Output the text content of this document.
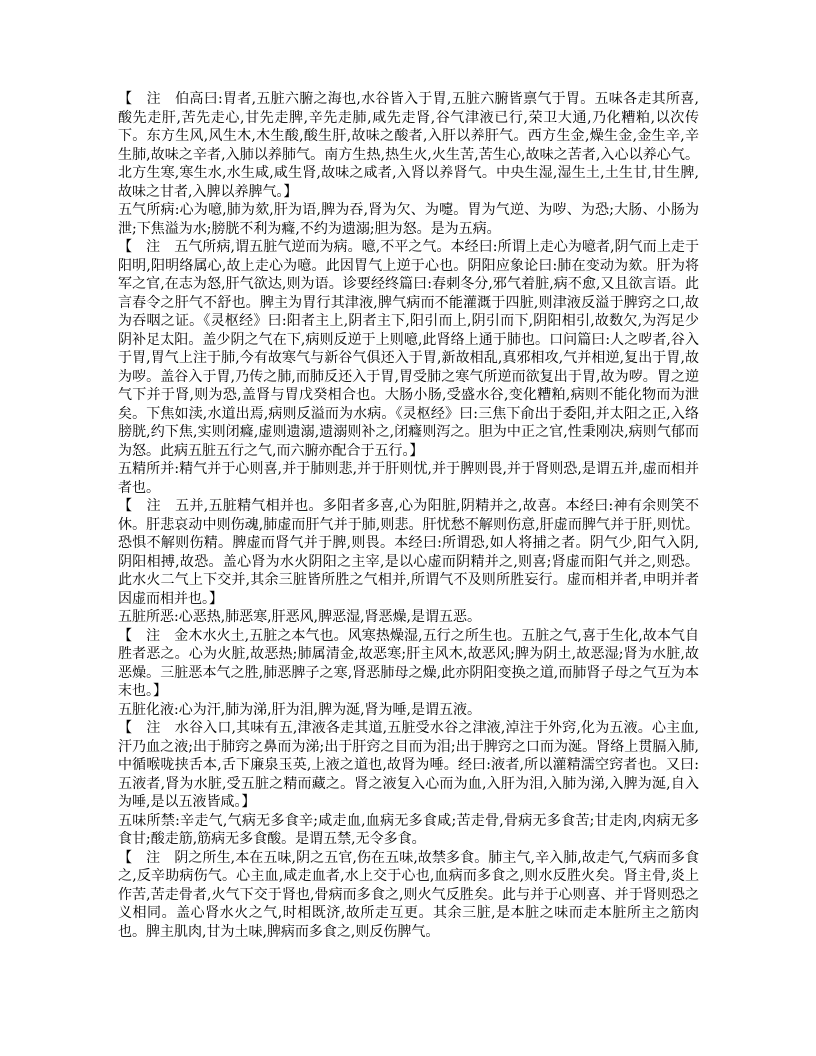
【　注　伯高曰:胃者,五脏六腑之海也,水谷皆入于胃,五脏六腑皆禀气于胃。五味各走其所喜,酸先走肝,苦先走心,甘先走脾,辛先走肺,咸先走肾,谷气津液已行,荣卫大通,乃化糟粕,以次传下。东方生风,风生木,木生酸,酸生肝,故味之酸者,入肝以养肝气。西方生金,燥生金,金生辛,辛生肺,故味之辛者,入肺以养肺气。南方生热,热生火,火生苦,苦生心,故味之苦者,入心以养心气。北方生寒,寒生水,水生咸,咸生肾,故味之咸者,入肾以养肾气。中央生湿,湿生土,土生甘,甘生脾,故味之甘者,入脾以养脾气。】

五气所病:心为噫,肺为欬,肝为语,脾为吞,肾为欠、为嚏。胃为气逆、为哕、为恐;大肠、小肠为泄;下焦溢为水;膀胱不利为癃,不约为遗溺;胆为怒。是为五病。

【　注　五气所病,谓五脏气逆而为病。噫,不平之气。本经曰:所谓上走心为噫者,阴气而上走于阳明,阳明络属心,故上走心为噫。此因胃气上逆于心也。阴阳应象论曰:肺在变动为欬。肝为将军之官,在志为怒,肝气欲达,则为语。诊要经终篇曰:春刺冬分,邪气着脏,病不愈,又且欲言语。此言春令之肝气不舒也。脾主为胃行其津液,脾气病而不能灌溉于四脏,则津液反溢于脾窍之口,故为吞咽之证。《灵枢经》曰:阳者主上,阴者主下,阳引而上,阴引而下,阴阳相引,故数欠,为泻足少阴补足太阳。盖少阴之气在下,病则反逆于上则噫,此肾络上通于肺也。口问篇曰:人之哕者,谷入于胃,胃气上注于肺,今有故寒气与新谷气俱还入于胃,新故相乱,真邪相攻,气并相逆,复出于胃,故为哕。盖谷入于胃,乃传之肺,而肺反还入于胃,胃受肺之寒气所逆而欲复出于胃,故为哕。胃之逆气下并于肾,则为恐,盖肾与胃戊癸相合也。大肠小肠,受盛水谷,变化糟粕,病则不能化物而为泄矣。下焦如渎,水道出焉,病则反溢而为水病。《灵枢经》曰:三焦下俞出于委阳,并太阳之正,入络膀胱,约下焦,实则闭癃,虚则遗溺,遗溺则补之,闭癃则泻之。胆为中正之官,性秉刚决,病则气郁而为怒。此病五脏五行之气,而六腑亦配合于五行。】

五精所并:精气并于心则喜,并于肺则悲,并于肝则忧,并于脾则畏,并于肾则恐,是谓五并,虚而相并者也。

【　注　五并,五脏精气相并也。多阳者多喜,心为阳脏,阴精并之,故喜。本经曰:神有余则笑不休。肝悲哀动中则伤魂,肺虚而肝气并于肺,则悲。肝忧愁不解则伤意,肝虚而脾气并于肝,则忧。恐惧不解则伤精。脾虚而肾气并于脾,则畏。本经曰:所谓恐,如人将捕之者。阴气少,阳气入阴,阴阳相搏,故恐。盖心肾为水火阴阳之主宰,是以心虚而阴精并之,则喜;肾虚而阳气并之,则恐。此水火二气上下交并,其余三脏皆所胜之气相并,所谓气不及则所胜妄行。虚而相并者,申明并者因虚而相并也。】

五脏所恶:心恶热,肺恶寒,肝恶风,脾恶湿,肾恶燥,是谓五恶。

【　注　金木水火土,五脏之本气也。风寒热燥湿,五行之所生也。五脏之气,喜于生化,故本气自胜者恶之。心为火脏,故恶热;肺属清金,故恶寒;肝主风木,故恶风;脾为阴土,故恶湿;肾为水脏,故恶燥。三脏恶本气之胜,肺恶脾子之寒,肾恶肺母之燥,此亦阴阳变换之道,而肺肾子母之气互为本末也。】

五脏化液:心为汗,肺为涕,肝为泪,脾为涎,肾为唾,是谓五液。

【　注　水谷入口,其味有五,津液各走其道,五脏受水谷之津液,淖注于外窍,化为五液。心主血,汗乃血之液;出于肺窍之鼻而为涕;出于肝窍之目而为泪;出于脾窍之口而为涎。肾络上贯膈入肺,中循喉咙挟舌本,舌下廉泉玉英,上液之道也,故肾为唾。经曰:液者,所以灌精濡空窍者也。又曰:五液者,肾为水脏,受五脏之精而藏之。肾之液复入心而为血,入肝为泪,入肺为涕,入脾为涎,自入为唾,是以五液皆咸。】

五味所禁:辛走气,气病无多食辛;咸走血,血病无多食咸;苦走骨,骨病无多食苦;甘走肉,肉病无多食甘;酸走筋,筋病无多食酸。是谓五禁,无令多食。

【　注　阴之所生,本在五味,阴之五官,伤在五味,故禁多食。肺主气,辛入肺,故走气,气病而多食之,反辛助病伤气。心主血,咸走血者,水上交于心也,血病而多食之,则水反胜火矣。肾主骨,炎上作苦,苦走骨者,火气下交于肾也,骨病而多食之,则火气反胜矣。此与并于心则喜、并于肾则恐之义相同。盖心肾水火之气,时相既济,故所走互更。其余三脏,是本脏之味而走本脏所主之筋肉也。脾主肌肉,甘为土味,脾病而多食之,则反伤脾气。
